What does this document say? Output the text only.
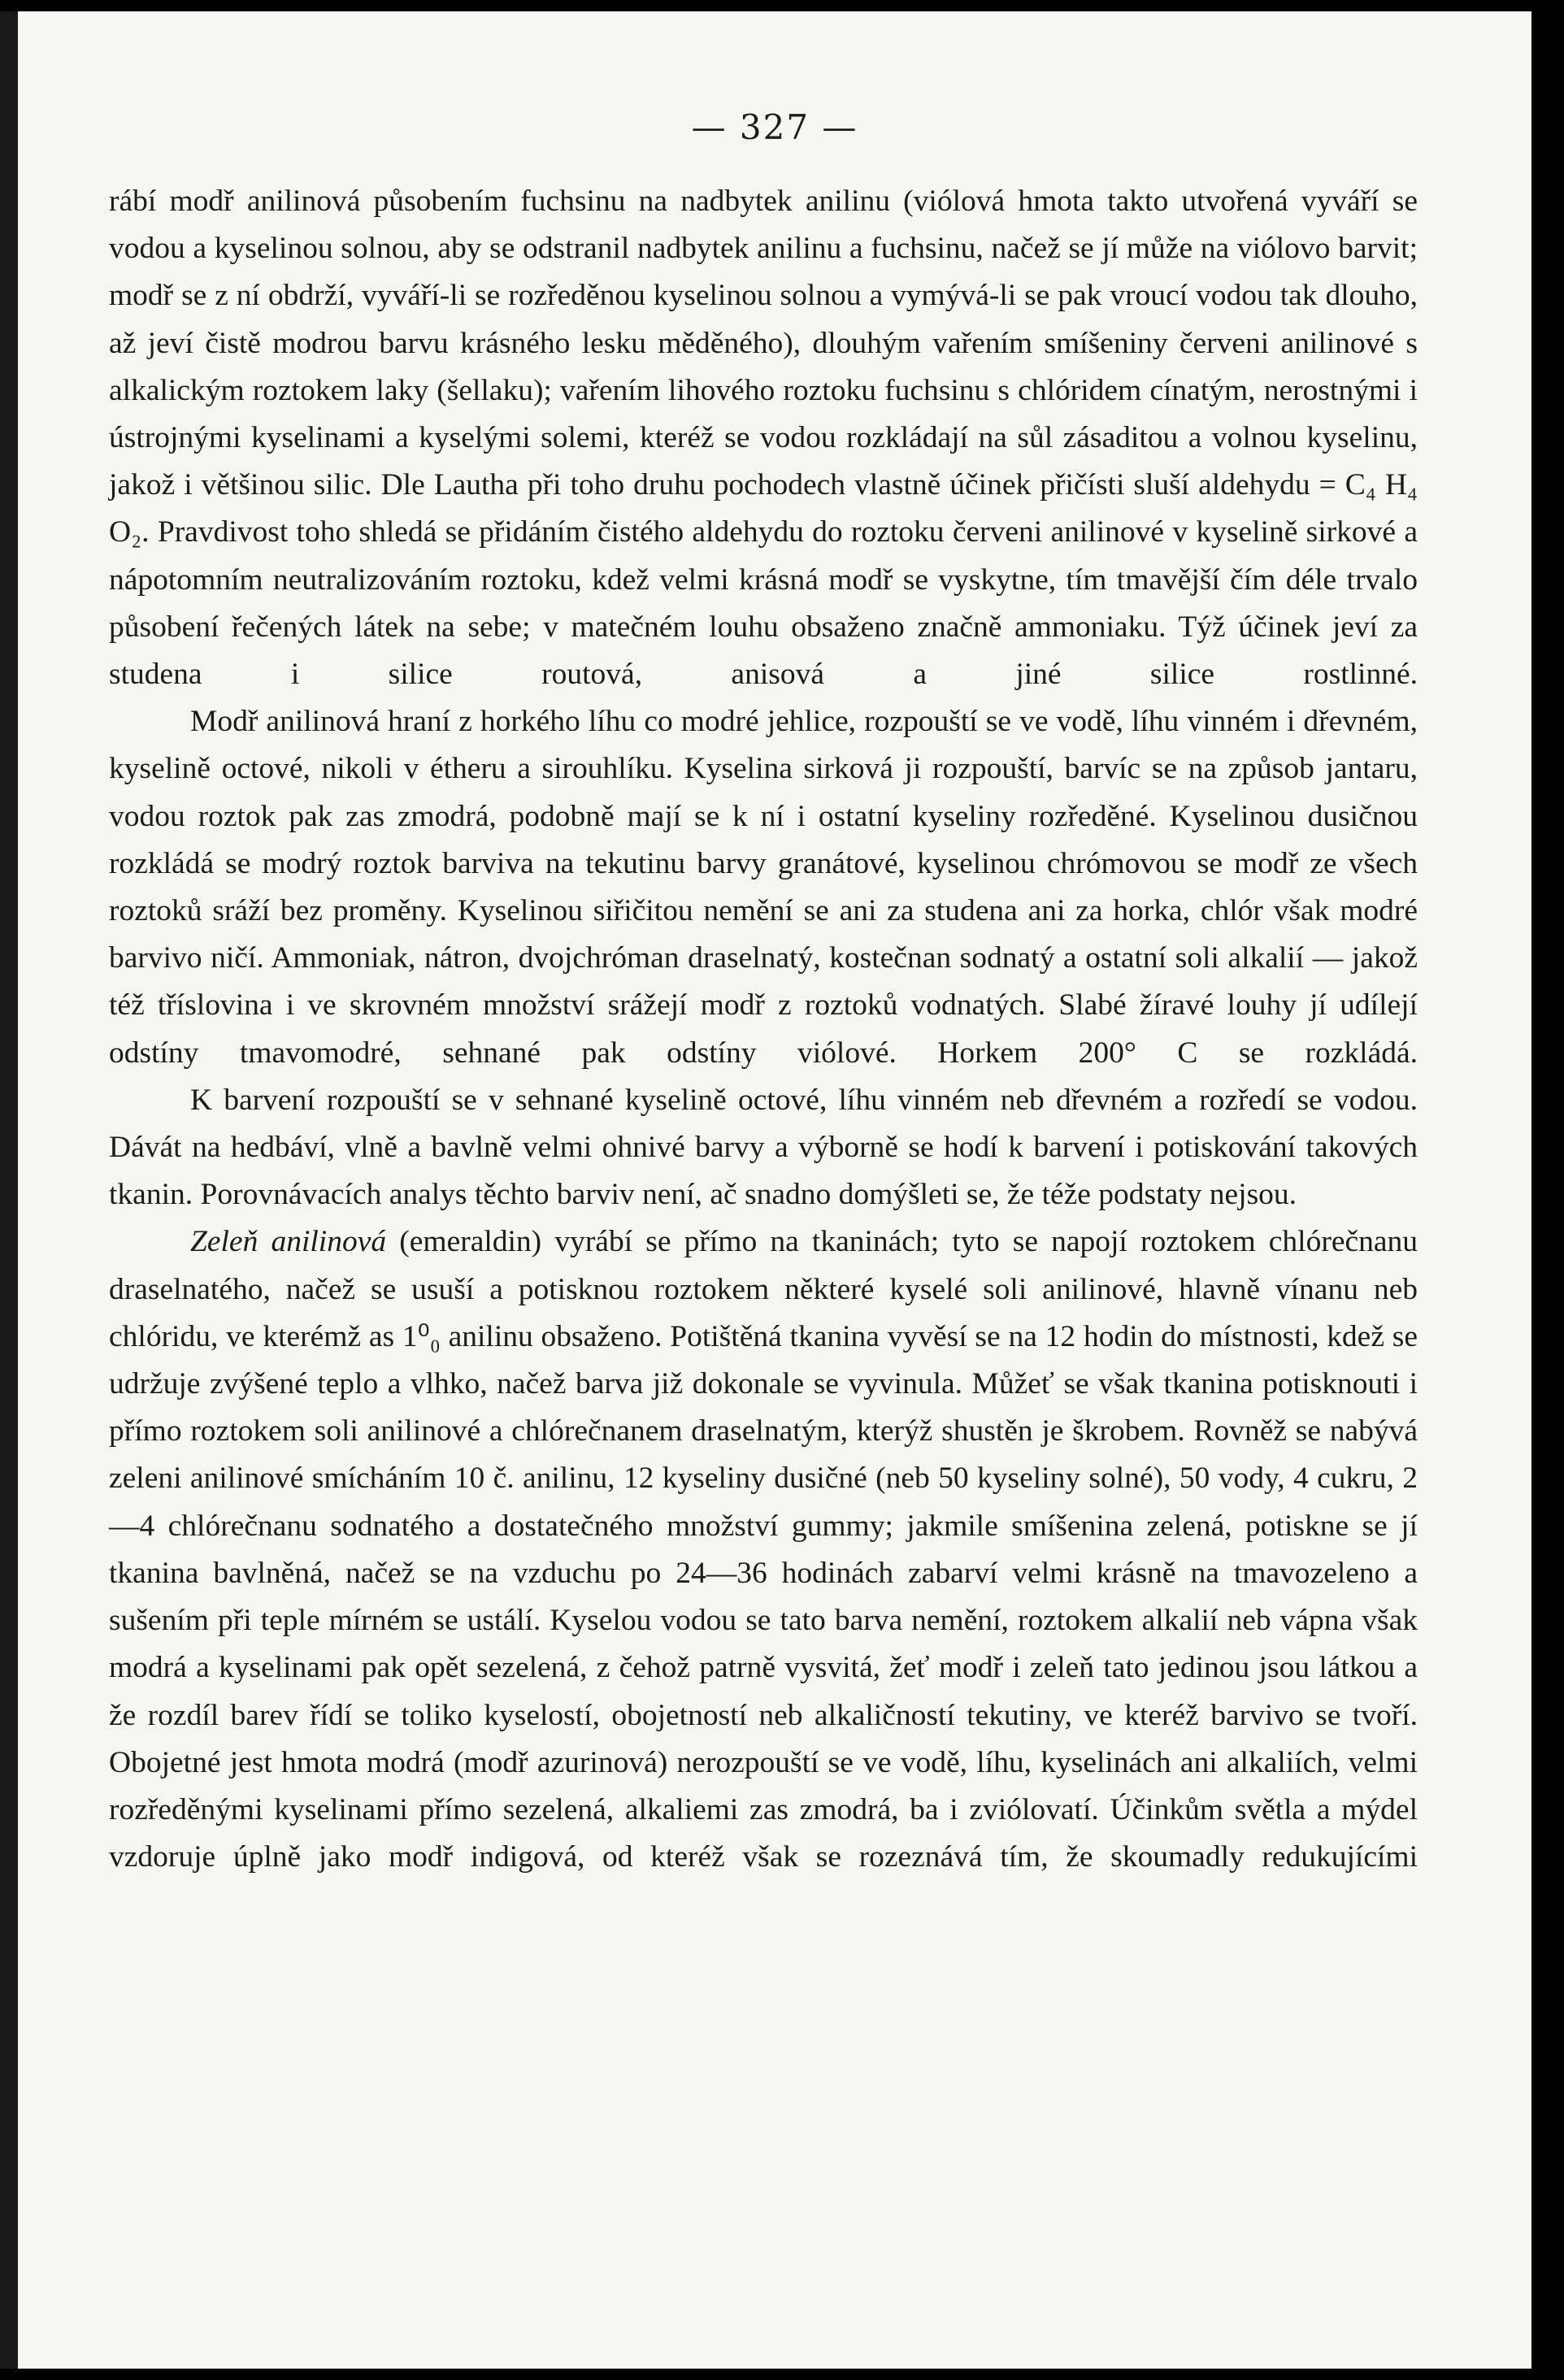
— 327 —

rábí modř anilinová působením fuchsinu na nadbytek anilinu (viólová hmota takto utvořená vyváří se vodou a kyselinou solnou, aby se odstranil nadbytek anilinu a fuchsinu, načež se jí může na viólovo barvit; modř se z ní obdrží, vyváří-li se rozředěnou kyselinou solnou a vymývá-li se pak vroucí vodou tak dlouho, až jeví čistě modrou barvu krásného lesku měděného), dlouhým vařením smíšeniny červeni anilinové s alkalickým roztokem laky (šellaku); vařením lihového roztoku fuchsinu s chlóridem cínatým, nerostnými i ústrojnými kyselinami a kyselými solemi, kteréž se vodou rozkládají na sůl zásaditou a volnou kyselinu, jakož i většinou silic. Dle Lautha při toho druhu pochodech vlastně účinek přičísti sluší aldehydu = C₄ H₄ O₂. Pravdivost toho shledá se přidáním čistého aldehydu do roztoku červeni anilinové v kyselině sirkové a nápotomním neutralizováním roztoku, kdež velmi krásná modř se vyskytne, tím tmavější čím déle trvalo působení řečených látek na sebe; v matečném louhu obsaženo značně ammoniaku. Týž účinek jeví za studena i silice routová, anisová a jiné silice rostlinné.

Modř anilinová hraní z horkého líhu co modré jehlice, rozpouští se ve vodě, líhu vinném i dřevném, kyselině octové, nikoli v étheru a sirouhlíku. Kyselina sirková ji rozpouští, barvíc se na způsob jantaru, vodou roztok pak zas zmodrá, podobně mají se k ní i ostatní kyseliny rozředěné. Kyselinou dusičnou rozkládá se modrý roztok barviva na tekutinu barvy granátové, kyselinou chrómovou se modř ze všech roztoků sráží bez proměny. Kyselinou siřičitou nemění se ani za studena ani za horka, chlór však modré barvivo ničí. Ammoniak, nátron, dvojchróman draselnatý, kostečnan sodnatý a ostatní soli alkalií — jakož též tříslovina i ve skrovném množství srážejí modř z roztoků vodnatých. Slabé žíravé louhy jí udílejí odstíny tmavomodré, sehnané pak odstíny viólové. Horkem 200° C se rozkládá.

K barvení rozpouští se v sehnané kyselině octové, líhu vinném neb dřevném a rozředí se vodou. Dávát na hedbáví, vlně a bavlně velmi ohnivé barvy a výborně se hodí k barvení i potiskování takových tkanin. Porovnávacích analys těchto barviv není, ač snadno domýšleti se, že téže podstaty nejsou.

Zeleň anilinová (emeraldin) vyrábí se přímo na tkaninách; tyto se napojí roztokem chlórečnanu draselnatého, načež se usuší a potisknou roztokem některé kyselé soli anilinové, hlavně vínanu neb chlóridu, ve kterémž as 1⁰₀ anilinu obsaženo. Potištěná tkanina vyvěsí se na 12 hodin do místnosti, kdež se udržuje zvýšené teplo a vlhko, načež barva již dokonale se vyvinula. Můžeť se však tkanina potisknouti i přímo roztokem soli anilinové a chlórečnanem draselnatým, kterýž shustěn je škrobem. Rovněž se nabývá zeleni anilinové smícháním 10 č. anilinu, 12 kyseliny dusičné (neb 50 kyseliny solné), 50 vody, 4 cukru, 2—4 chlórečnanu sodnatého a dostatečného množství gummy; jakmile smíšenina zelená, potiskne se jí tkanina bavlněná, načež se na vzduchu po 24—36 hodinách zabarví velmi krásně na tmavozeleno a sušením při teple mírném se ustálí. Kyselou vodou se tato barva nemění, roztokem alkalií neb vápna však modrá a kyselinami pak opět sezelená, z čehož patrně vysvitá, žeť modř i zeleň tato jedinou jsou látkou a že rozdíl barev řídí se toliko kyselostí, obojetností neb alkaličností tekutiny, ve kteréž barvivo se tvoří. Obojetné jest hmota modrá (modř azurinová) nerozpouští se ve vodě, líhu, kyselinách ani alkaliích, velmi rozředěnými kyselinami přímo sezelená, alkaliemi zas zmodrá, ba i zviólovatí. Účinkům světla a mýdel vzdoruje úplně jako modř indigová, od kteréž však se rozeznává tím, že skoumadly redukujícími
